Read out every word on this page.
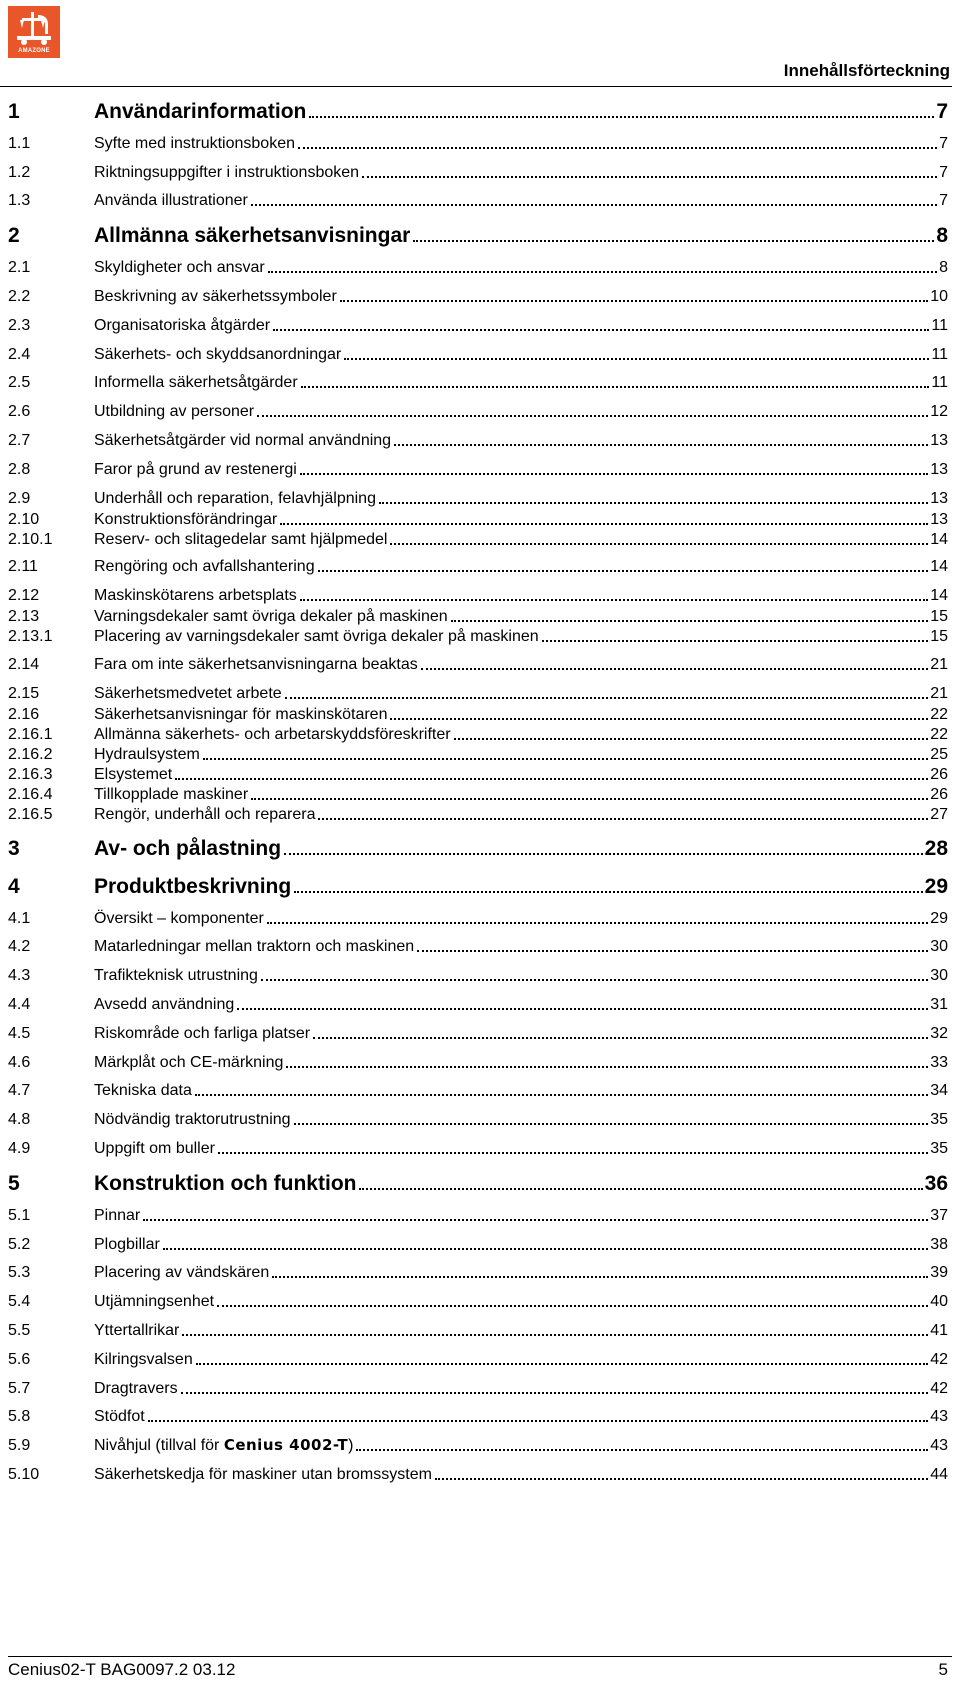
AMAZONE
Innehållsförteckning
1	Användarinformation	7
1.1	Syfte med instruktionsboken	7
1.2	Riktningsuppgifter i instruktionsboken	7
1.3	Använda illustrationer	7
2	Allmänna säkerhetsanvisningar	8
2.1	Skyldigheter och ansvar	8
2.2	Beskrivning av säkerhetssymboler	10
2.3	Organisatoriska åtgärder	11
2.4	Säkerhets- och skyddsanordningar	11
2.5	Informella säkerhetsåtgärder	11
2.6	Utbildning av personer	12
2.7	Säkerhetsåtgärder vid normal användning	13
2.8	Faror på grund av restenergi	13
2.9	Underhåll och reparation, felavhjälpning	13
2.10	Konstruktionsförändringar	13
2.10.1	Reserv- och slitagedelar samt hjälpmedel	14
2.11	Rengöring och avfallshantering	14
2.12	Maskinskötarens arbetsplats	14
2.13	Varningsdekaler samt övriga dekaler på maskinen	15
2.13.1	Placering av varningsdekaler samt övriga dekaler på maskinen	15
2.14	Fara om inte säkerhetsanvisningarna beaktas	21
2.15	Säkerhetsmedvetet arbete	21
2.16	Säkerhetsanvisningar för maskinskötaren	22
2.16.1	Allmänna säkerhets- och arbetarskyddsföreskrifter	22
2.16.2	Hydraulsystem	25
2.16.3	Elsystemet	26
2.16.4	Tillkopplade maskiner	26
2.16.5	Rengör, underhåll och reparera	27
3	Av- och pålastning	28
4	Produktbeskrivning	29
4.1	Översikt – komponenter	29
4.2	Matarledningar mellan traktorn och maskinen	30
4.3	Trafikteknisk utrustning	30
4.4	Avsedd användning	31
4.5	Riskområde och farliga platser	32
4.6	Märkplåt och CE-märkning	33
4.7	Tekniska data	34
4.8	Nödvändig traktorutrustning	35
4.9	Uppgift om buller	35
5	Konstruktion och funktion	36
5.1	Pinnar	37
5.2	Plogbillar	38
5.3	Placering av vändskären	39
5.4	Utjämningsenhet	40
5.5	Yttertallrikar	41
5.6	Kilringsvalsen	42
5.7	Dragtravers	42
5.8	Stödfot	43
5.9	Nivåhjul (tillval för Cenius 4002-T)	43
5.10	Säkerhetskedja för maskiner utan bromssystem	44
Cenius02-T BAG0097.2 03.12	5
